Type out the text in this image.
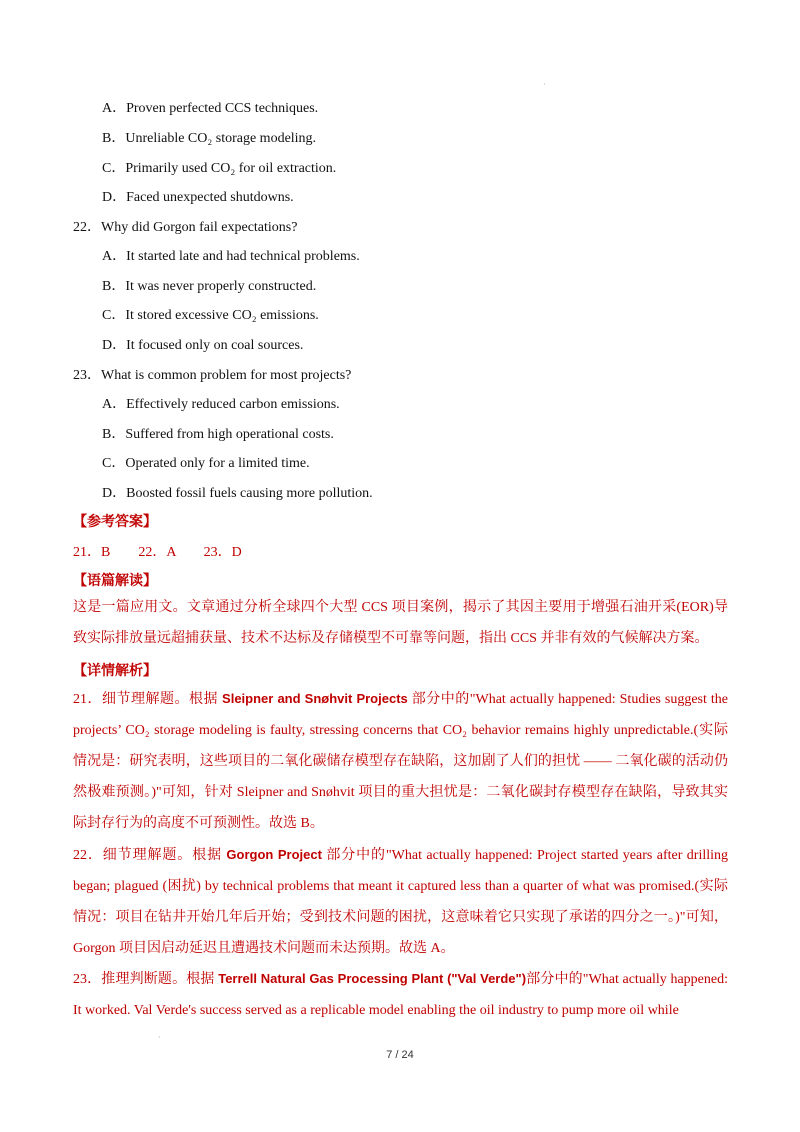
·
A．Proven perfected CCS techniques.
B．Unreliable CO₂ storage modeling.
C．Primarily used CO₂ for oil extraction.
D．Faced unexpected shutdowns.
22．Why did Gorgon fail expectations?
A．It started late and had technical problems.
B．It was never properly constructed.
C．It stored excessive CO₂ emissions.
D．It focused only on coal sources.
23．What is common problem for most projects?
A．Effectively reduced carbon emissions.
B．Suffered from high operational costs.
C．Operated only for a limited time.
D．Boosted fossil fuels causing more pollution.
【参考答案】
21．B　　22．A　　23．D
【语篇解读】
这是一篇应用文。文章通过分析全球四个大型 CCS 项目案例，揭示了其因主要用于增强石油开采(EOR)导致实际排放量远超捕获量、技术不达标及存储模型不可靠等问题，指出 CCS 并非有效的气候解决方案。
【详情解析】
21．细节理解题。根据 Sleipner and Snøhvit Projects 部分中的"What actually happened: Studies suggest the projects’ CO₂ storage modeling is faulty, stressing concerns that CO₂ behavior remains highly unpredictable.(实际情况是：研究表明，这些项目的二氧化碳储存模型存在缺陷，这加剧了人们的担忧 —— 二氧化碳的活动仍然极难预测。)"可知，针对 Sleipner and Snøhvit 项目的重大担忧是：二氧化碳封存模型存在缺陷，导致其实际封存行为的高度不可预测性。故选 B。
22．细节理解题。根据 Gorgon Project 部分中的"What actually happened: Project started years after drilling began; plagued (困扰) by technical problems that meant it captured less than a quarter of what was promised.(实际情况：项目在钻井开始几年后开始；受到技术问题的困扰，这意味着它只实现了承诺的四分之一。)"可知，Gorgon 项目因启动延迟且遭遇技术问题而未达预期。故选 A。
23．推理判断题。根据 Terrell Natural Gas Processing Plant ("Val Verde")部分中的"What actually happened: It worked. Val Verde's success served as a replicable model enabling the oil industry to pump more oil while
·
7 / 24
